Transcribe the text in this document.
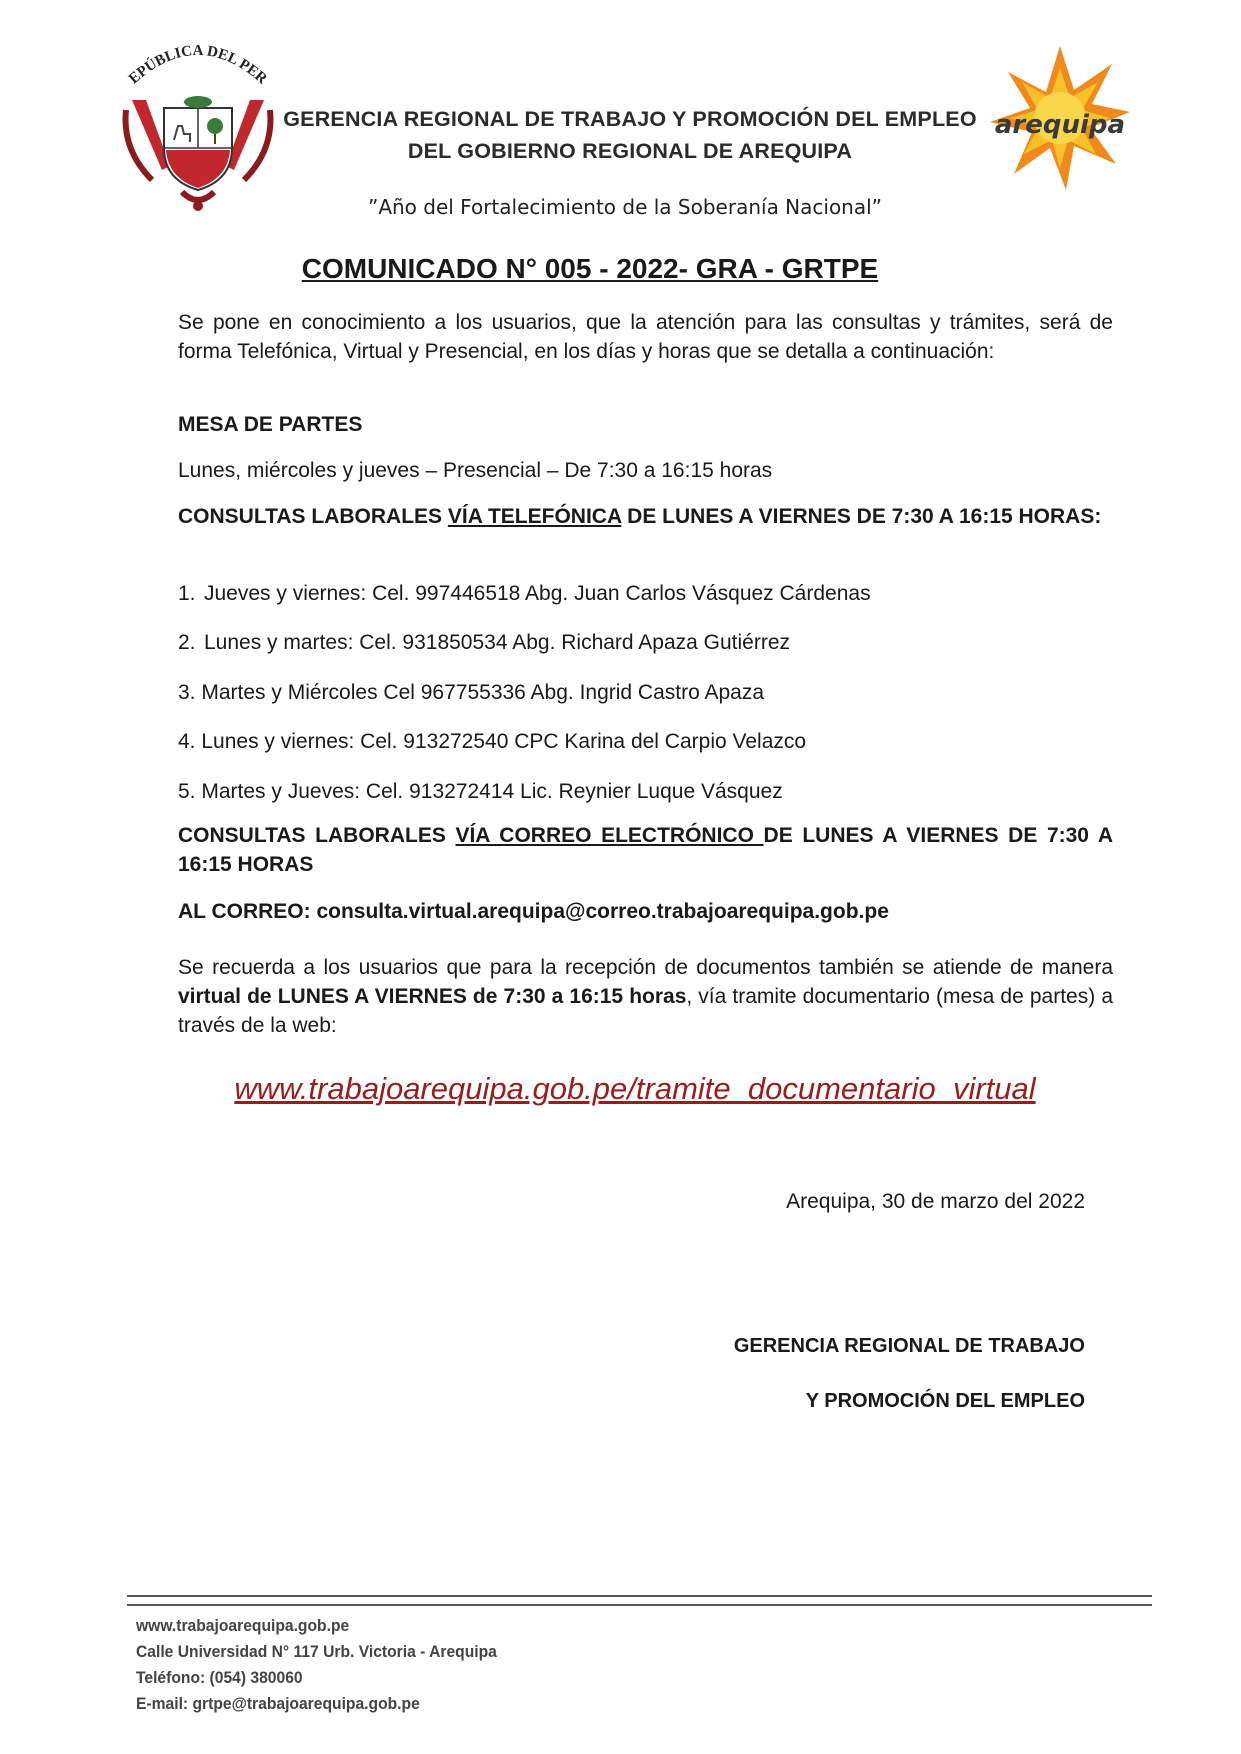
EPÚBLICA DEL PER
GERENCIA REGIONAL DE TRABAJO Y PROMOCIÓN DEL EMPLEO
DEL GOBIERNO REGIONAL DE AREQUIPA
arequipa
”Año del Fortalecimiento de la Soberanía Nacional”
COMUNICADO N° 005 - 2022- GRA - GRTPE
Se pone en conocimiento a los usuarios, que la atención para las consultas y trámites, será de forma Telefónica, Virtual y Presencial, en los días y horas que se detalla a continuación:
MESA DE PARTES
Lunes, miércoles y jueves – Presencial – De 7:30 a 16:15 horas
CONSULTAS LABORALES VÍA TELEFÓNICA DE LUNES A VIERNES DE 7:30 A 16:15 HORAS:
1. Jueves y viernes: Cel. 997446518 Abg. Juan Carlos Vásquez Cárdenas
2. Lunes y martes: Cel. 931850534 Abg. Richard Apaza Gutiérrez
3. Martes y Miércoles Cel 967755336 Abg. Ingrid Castro Apaza
4. Lunes y viernes: Cel. 913272540 CPC Karina del Carpio Velazco
5. Martes y Jueves: Cel. 913272414 Lic. Reynier Luque Vásquez
CONSULTAS LABORALES VÍA CORREO ELECTRÓNICO DE LUNES A VIERNES DE 7:30 A 16:15 HORAS
AL CORREO: consulta.virtual.arequipa@correo.trabajoarequipa.gob.pe
Se recuerda a los usuarios que para la recepción de documentos también se atiende de manera virtual de LUNES A VIERNES de 7:30 a 16:15 horas, vía tramite documentario (mesa de partes) a través de la web:
www.trabajoarequipa.gob.pe/tramite_documentario_virtual
Arequipa, 30 de marzo del 2022
GERENCIA REGIONAL DE TRABAJO
Y PROMOCIÓN DEL EMPLEO
www.trabajoarequipa.gob.pe
Calle Universidad N° 117 Urb. Victoria - Arequipa
Teléfono: (054) 380060
E-mail: grtpe@trabajoarequipa.gob.pe
